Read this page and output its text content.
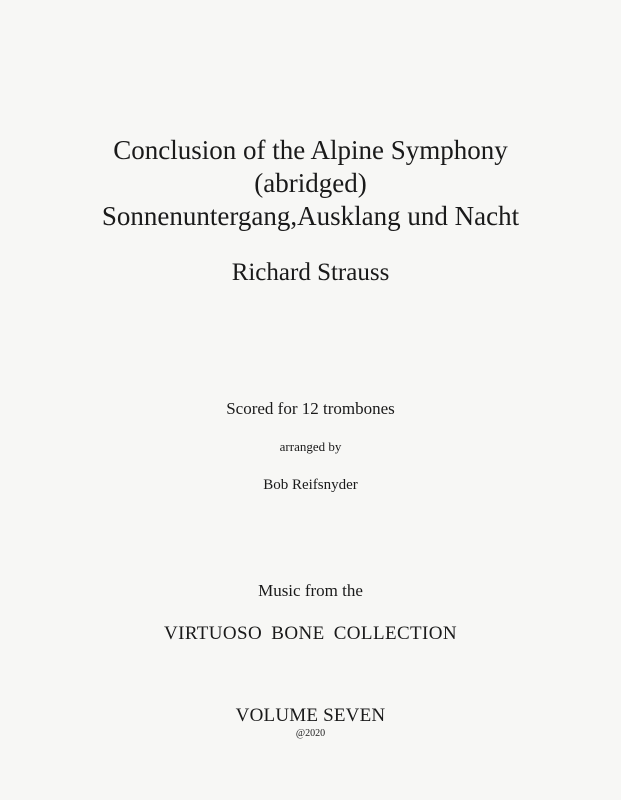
Conclusion of the Alpine Symphony
(abridged)
Sonnenuntergang,Ausklang und Nacht
Richard Strauss
Scored for 12 trombones
arranged by
Bob Reifsnyder
Music from the
VIRTUOSO BONE COLLECTION
VOLUME SEVEN
@2020
